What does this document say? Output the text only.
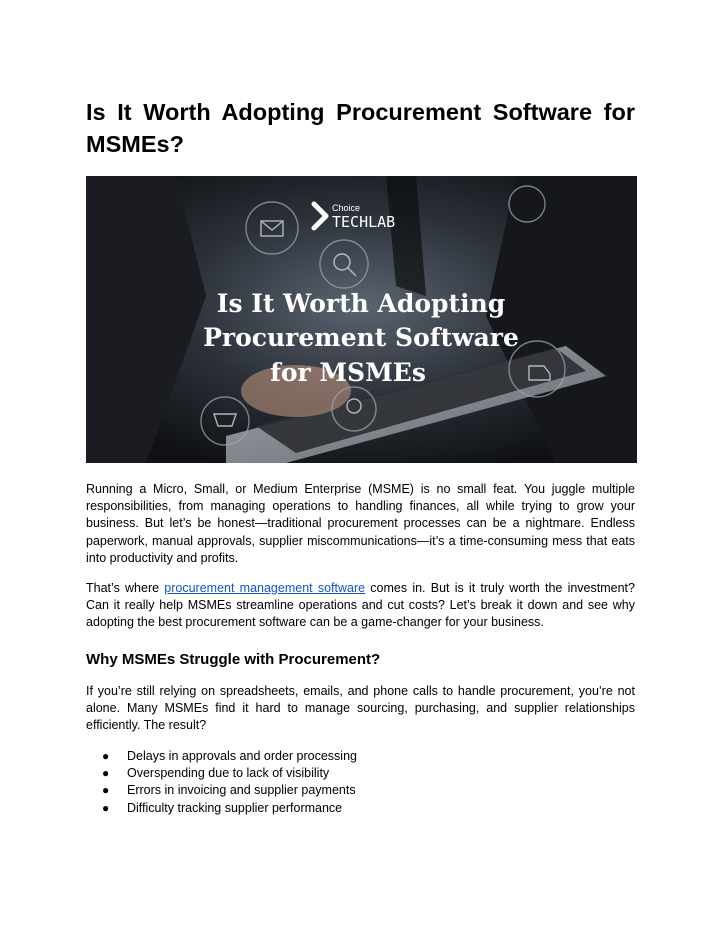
Is It Worth Adopting Procurement Software for MSMEs?
Choice
TECHLAB
Is It Worth Adopting
Procurement Software
for MSMEs

Running a Micro, Small, or Medium Enterprise (MSME) is no small feat. You juggle multiple responsibilities, from managing operations to handling finances, all while trying to grow your business. But let’s be honest—traditional procurement processes can be a nightmare. Endless paperwork, manual approvals, supplier miscommunications—it’s a time-consuming mess that eats into productivity and profits.

That’s where procurement management software comes in. But is it truly worth the investment? Can it really help MSMEs streamline operations and cut costs? Let’s break it down and see why adopting the best procurement software can be a game-changer for your business.

Why MSMEs Struggle with Procurement?

If you’re still relying on spreadsheets, emails, and phone calls to handle procurement, you’re not alone. Many MSMEs find it hard to manage sourcing, purchasing, and supplier relationships efficiently. The result?

● Delays in approvals and order processing
● Overspending due to lack of visibility
● Errors in invoicing and supplier payments
● Difficulty tracking supplier performance
